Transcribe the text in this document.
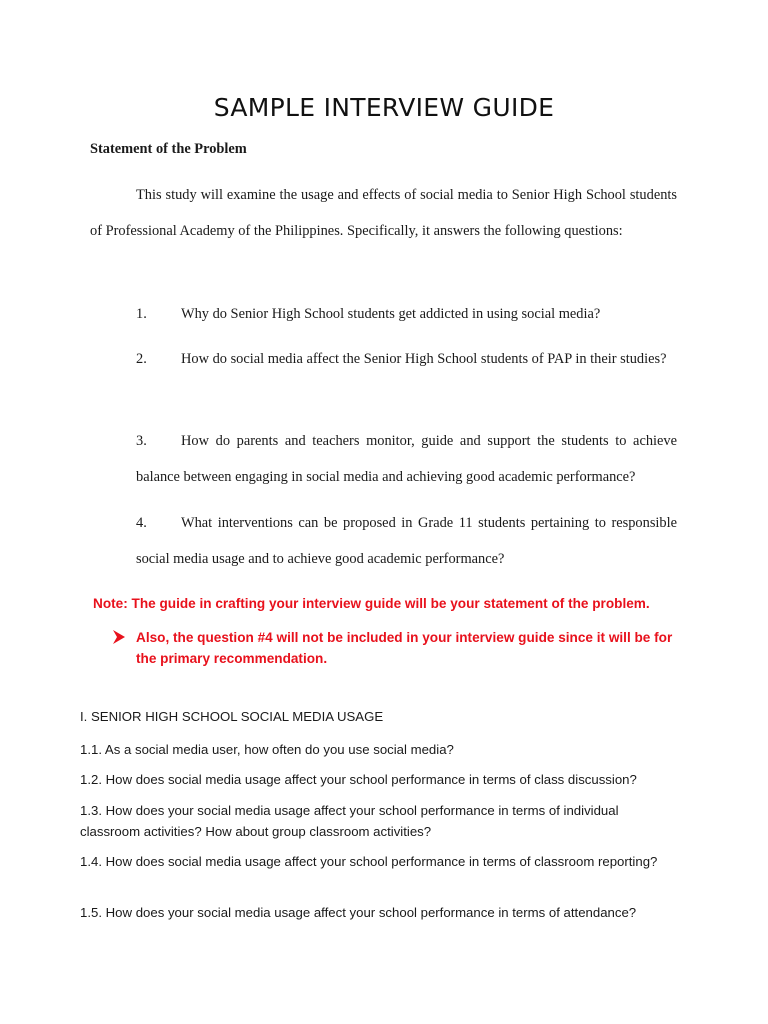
SAMPLE INTERVIEW GUIDE
Statement of the Problem

This study will examine the usage and effects of social media to Senior High School students of Professional Academy of the Philippines. Specifically, it answers the following questions:

1. Why do Senior High School students get addicted in using social media?

2. How do social media affect the Senior High School students of PAP in their studies?

3. How do parents and teachers monitor, guide and support the students to achieve balance between engaging in social media and achieving good academic performance?

4. What interventions can be proposed in Grade 11 students pertaining to responsible social media usage and to achieve good academic performance?

Note: The guide in crafting your interview guide will be your statement of the problem.
Also, the question #4 will not be included in your interview guide since it will be for the primary recommendation.
I. SENIOR HIGH SCHOOL SOCIAL MEDIA USAGE

1.1. As a social media user, how often do you use social media?

1.2. How does social media usage affect your school performance in terms of class discussion?

1.3. How does your social media usage affect your school performance in terms of individual classroom activities? How about group classroom activities?

1.4. How does social media usage affect your school performance in terms of classroom reporting?

1.5. How does your social media usage affect your school performance in terms of attendance?
